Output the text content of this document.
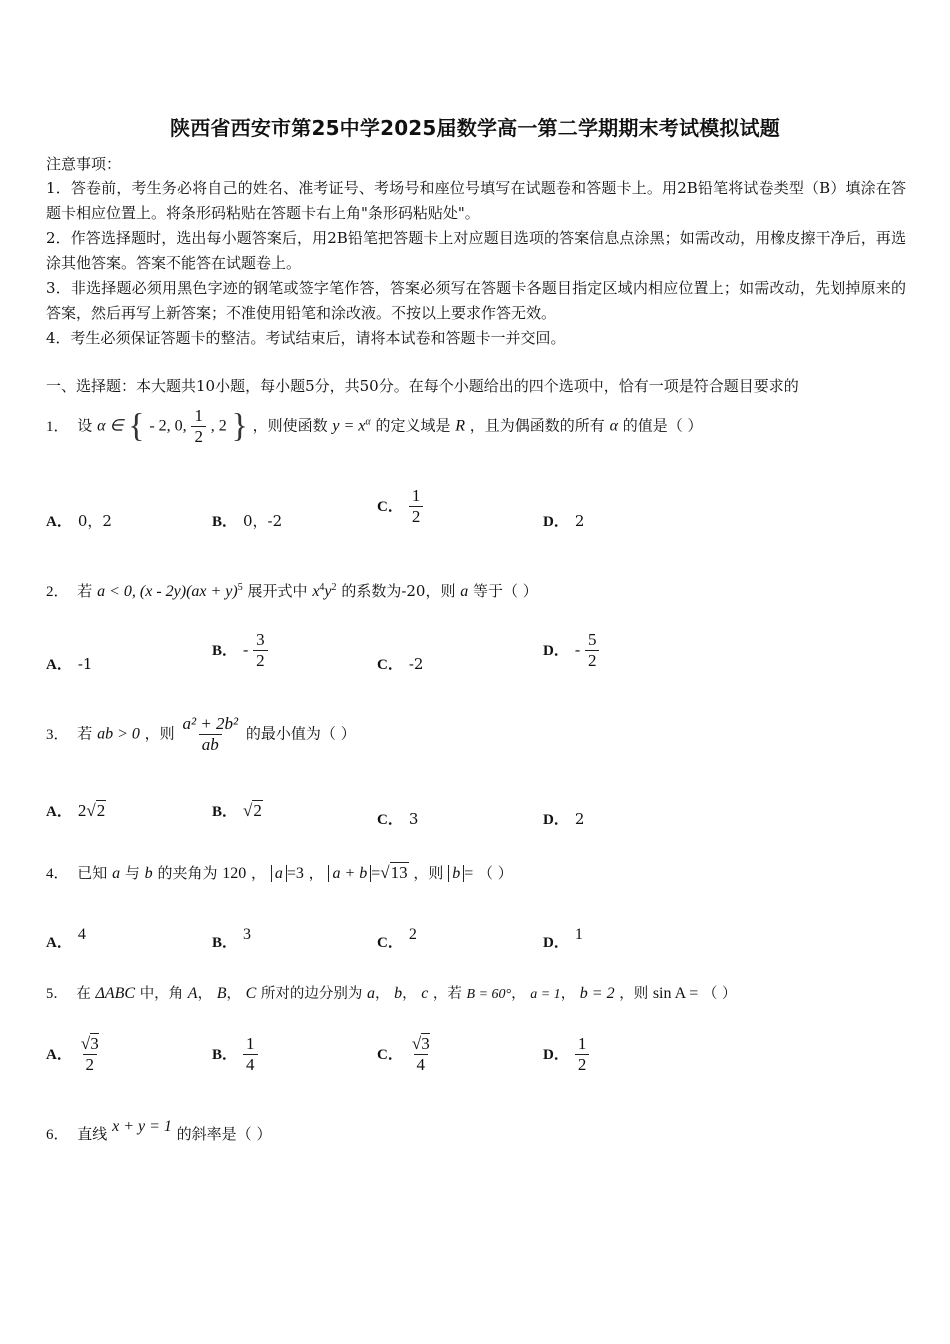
陕西省西安市第25中学2025届数学高一第二学期期末考试模拟试题
注意事项：

1．答卷前，考生务必将自己的姓名、准考证号、考场号和座位号填写在试题卷和答题卡上。用2B铅笔将试卷类型（B）填涂在答题卡相应位置上。将条形码粘贴在答题卡右上角"条形码粘贴处"。

2．作答选择题时，选出每小题答案后，用2B铅笔把答题卡上对应题目选项的答案信息点涂黑；如需改动，用橡皮擦干净后，再选涂其他答案。答案不能答在试题卷上。

3．非选择题必须用黑色字迹的钢笔或签字笔作答，答案必须写在答题卡各题目指定区域内相应位置上；如需改动，先划掉原来的答案，然后再写上新答案；不准使用铅笔和涂改液。不按以上要求作答无效。

4．考生必须保证答题卡的整洁。考试结束后，请将本试卷和答题卡一并交回。

一、选择题：本大题共10小题，每小题5分，共50分。在每个小题给出的四个选项中，恰有一项是符合题目要求的
1． 设 α ∈ { - 2, 0, $\frac{1}{2}$ , 2 } ，则使函数 $y = x^\alpha$ 的定义域是 R ，且为偶函数的所有 α 的值是（ ）
A． 0，2	B． 0，-2
C． $\frac{1}{2}$	D． 2
2． 若 a < 0, (x - 2y)(ax + y)$^5$ 展开式中 $x^4y^2$ 的系数为-20，则 a 等于（ ）
A． -1
B． - $\frac{3}{2}$	C． -2
D． - $\frac{5}{2}$
3． 若 ab > 0 ，则 $\frac{\text{a² + 2b²}}{ab}$ 的最小值为（ ）
A． 2√2	B． √2	C． 3	D． 2
4． 已知 a 与 b 的夹角为 120 ， a =3 ， a + b =√13 ，则 b = （ ）
A． 4	B． 3	C． 2	D． 1
5． 在 ΔABC 中，角 A， B， C 所对的边分别为 a， b， c ，若 B = 60°， a = 1， b = 2 ，则 sin A = （ ）
A． $\frac{√3}{2}$	B． $\frac{1}{4}$	C． $\frac{√3}{4}$	D． $\frac{1}{2}$
6． 直线 x + y = 1 的斜率是（ ）
